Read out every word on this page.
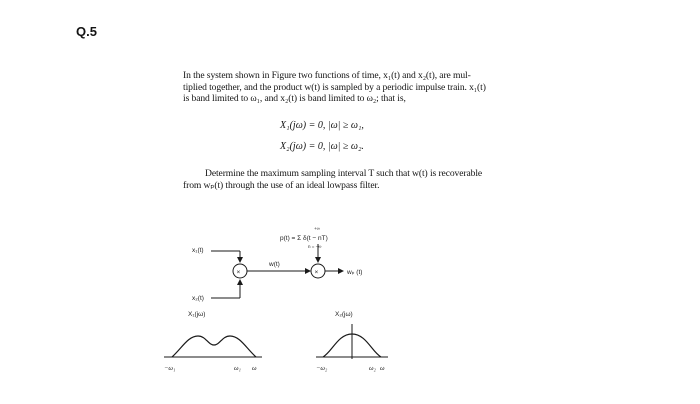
Q.5
In the system shown in Figure two functions of time, x₁(t) and x₂(t), are mul-
tiplied together, and the product w(t) is sampled by a periodic impulse train. x₁(t)
is band limited to ω₁, and x₂(t) is band limited to ω₂; that is,
X₁(jω) = 0, |ω| ≥ ω₁,
X₂(jω) = 0, |ω| ≥ ω₂.
Determine the maximum sampling interval T such that w(t) is recoverable
from wₚ(t) through the use of an ideal lowpass filter.
x₁(t)
×
x₂(t)
w(t)
p(t) = Σ δ(t − nT)
+∞
n = −∞
×	wₚ (t)
X₁(jω)
−ω₁	ω₁ ω
X₂(jω)
−ω₂	ω₂ ω
